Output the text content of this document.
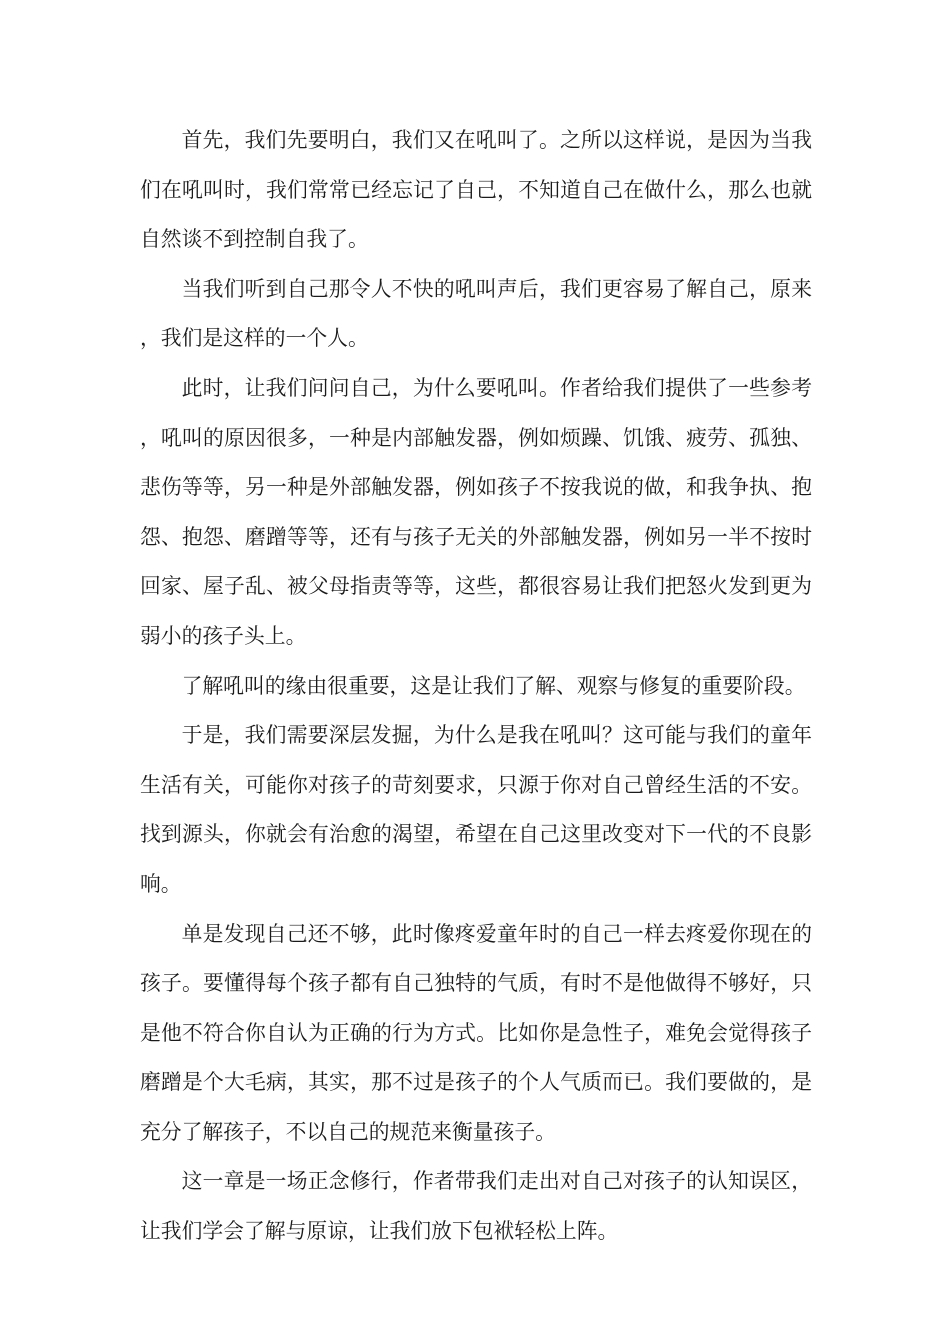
首先，我们先要明白，我们又在吼叫了。之所以这样说，是因为当我们在吼叫时，我们常常已经忘记了自己，不知道自己在做什么，那么也就自然谈不到控制自我了。

当我们听到自己那令人不快的吼叫声后，我们更容易了解自己，原来，我们是这样的一个人。

此时，让我们问问自己，为什么要吼叫。作者给我们提供了一些参考，吼叫的原因很多，一种是内部触发器，例如烦躁、饥饿、疲劳、孤独、悲伤等等，另一种是外部触发器，例如孩子不按我说的做，和我争执、抱怨、抱怨、磨蹭等等，还有与孩子无关的外部触发器，例如另一半不按时回家、屋子乱、被父母指责等等，这些，都很容易让我们把怒火发到更为弱小的孩子头上。

了解吼叫的缘由很重要，这是让我们了解、观察与修复的重要阶段。

于是，我们需要深层发掘，为什么是我在吼叫？这可能与我们的童年生活有关，可能你对孩子的苛刻要求，只源于你对自己曾经生活的不安。找到源头，你就会有治愈的渴望，希望在自己这里改变对下一代的不良影响。

单是发现自己还不够，此时像疼爱童年时的自己一样去疼爱你现在的孩子。要懂得每个孩子都有自己独特的气质，有时不是他做得不够好，只是他不符合你自认为正确的行为方式。比如你是急性子，难免会觉得孩子磨蹭是个大毛病，其实，那不过是孩子的个人气质而已。我们要做的，是充分了解孩子，不以自己的规范来衡量孩子。

这一章是一场正念修行，作者带我们走出对自己对孩子的认知误区，让我们学会了解与原谅，让我们放下包袱轻松上阵。
